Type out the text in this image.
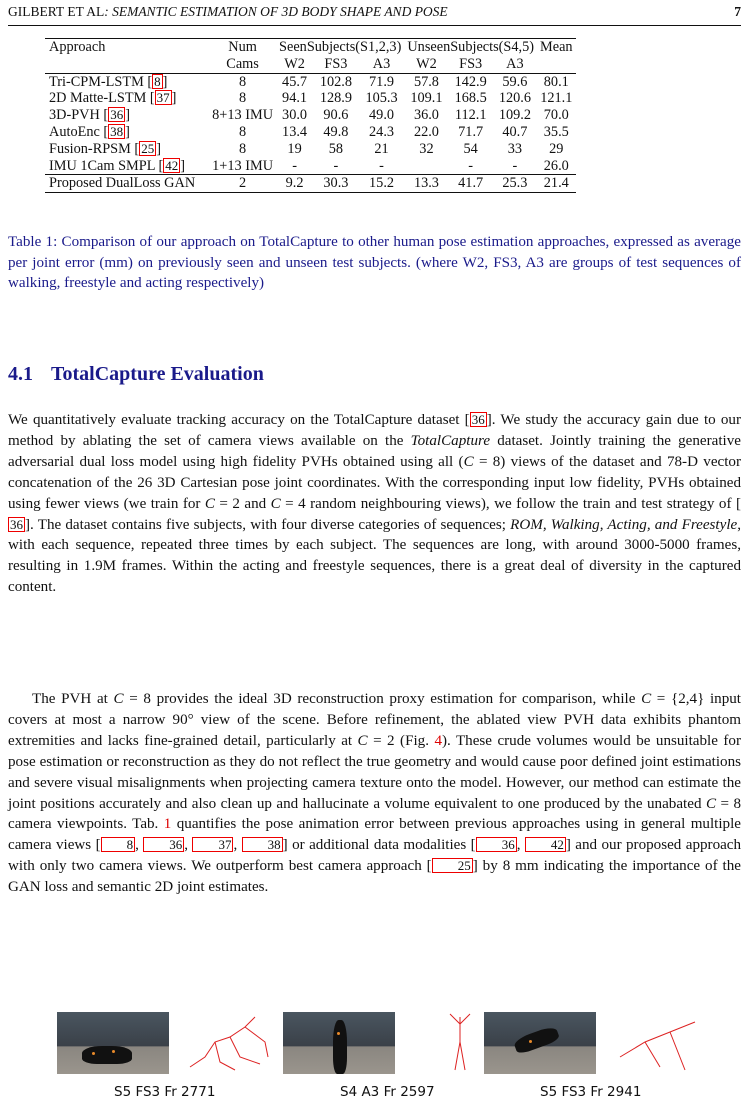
GILBERT ET AL: SEMANTIC ESTIMATION OF 3D BODY SHAPE AND POSE	7
Approach	Num	SeenSubjects(S1,2,3)			UnseenSubjects(S4,5)			Mean
	Cams	W2	FS3	A3	W2	FS3	A3	
Tri-CPM-LSTM [ 8 ]	8	45.7	102.8	71.9	57.8	142.9	59.6	80.1
2D Matte-LSTM [ 37 ]	8	94.1	128.9	105.3	109.1	168.5	120.6	121.1
3D-PVH [ 36 ]	8+13 IMU	30.0	90.6	49.0	36.0	112.1	109.2	70.0
AutoEnc [ 38 ]	8	13.4	49.8	24.3	22.0	71.7	40.7	35.5
Fusion-RPSM [ 25 ]	8	19	58	21	32	54	33	29
IMU 1Cam SMPL [ 42 ]	1+13 IMU	-	-	-		-	-	26.0
Proposed DualLoss GAN	2	9.2	30.3	15.2	13.3	41.7	25.3	21.4
Table 1: Comparison of our approach on TotalCapture to other human pose estimation approaches, expressed as average per joint error (mm) on previously seen and unseen test subjects. (where W2, FS3, A3 are groups of test sequences of walking, freestyle and acting respectively)
4.1 TotalCapture Evaluation
We quantitatively evaluate tracking accuracy on the TotalCapture dataset [ 36 ]. We study the accuracy gain due to our method by ablating the set of camera views available on the TotalCapture dataset. Jointly training the generative adversarial dual loss model using high fidelity PVHs obtained using all (C = 8) views of the dataset and 78-D vector concatenation of the 26 3D Cartesian pose joint coordinates. With the corresponding input low fidelity, PVHs obtained using fewer views (we train for C = 2 and C = 4 random neighbouring views), we follow the train and test strategy of [36 ]. The dataset contains five subjects, with four diverse categories of sequences; ROM, Walking, Acting, and Freestyle, with each sequence, repeated three times by each subject. The sequences are long, with around 3000-5000 frames, resulting in 1.9M frames. Within the acting and freestyle sequences, there is a great deal of diversity in the captured content.
The PVH at C = 8 provides the ideal 3D reconstruction proxy estimation for comparison, while C = {2,4} input covers at most a narrow 90° view of the scene. Before refinement, the ablated view PVH data exhibits phantom extremities and lacks fine-grained detail, particularly at C = 2 (Fig. 4). These crude volumes would be unsuitable for pose estimation or reconstruction as they do not reflect the true geometry and would cause poor defined joint estimations and severe visual misalignments when projecting camera texture onto the model. However, our method can estimate the joint positions accurately and also clean up and hallucinate a volume equivalent to one produced by the unabated C = 8 camera viewpoints. Tab. 1 quantifies the pose animation error between previous approaches using in general multiple camera views [ 8 , 36 , 37 , 38 ] or additional data modalities [ 36 , 42 ] and our proposed approach with only two camera views. We outperform best camera approach [ 25 ] by 8 mm indicating the importance of the GAN loss and semantic 2D joint estimates.
S5 FS3 Fr 2771	S4 A3 Fr 2597	S5 FS3 Fr 2941
